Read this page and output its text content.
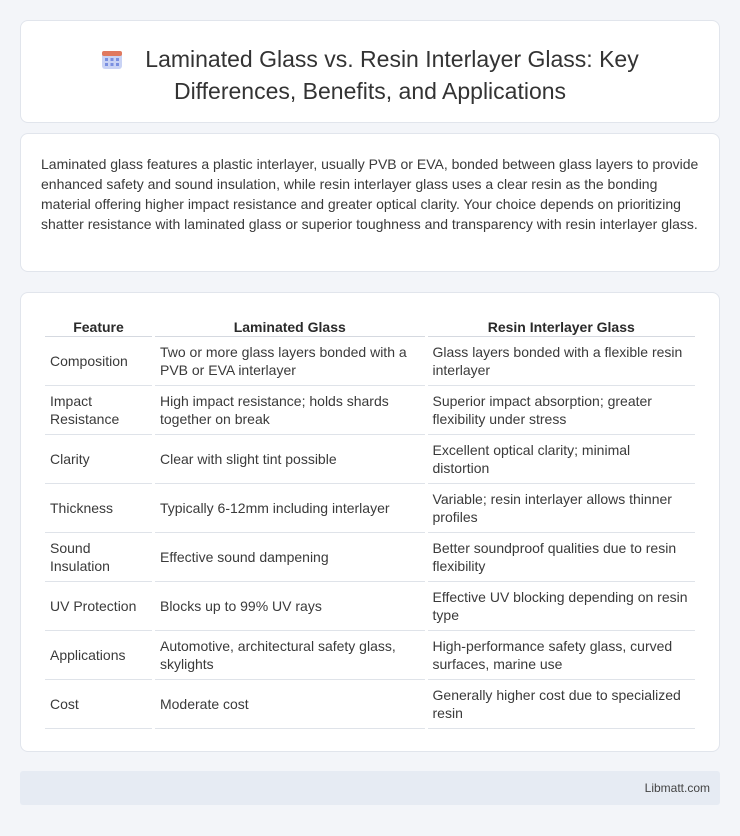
Laminated Glass vs. Resin Interlayer Glass: Key Differences, Benefits, and Applications

Laminated glass features a plastic interlayer, usually PVB or EVA, bonded between glass layers to provide enhanced safety and sound insulation, while resin interlayer glass uses a clear resin as the bonding material offering higher impact resistance and greater optical clarity. Your choice depends on prioritizing shatter resistance with laminated glass or superior toughness and transparency with resin interlayer glass.

Feature	Laminated Glass	Resin Interlayer Glass
Composition	Two or more glass layers bonded with a PVB or EVA interlayer	Glass layers bonded with a flexible resin interlayer
Impact Resistance	High impact resistance; holds shards together on break	Superior impact absorption; greater flexibility under stress
Clarity	Clear with slight tint possible	Excellent optical clarity; minimal distortion
Thickness	Typically 6-12mm including interlayer	Variable; resin interlayer allows thinner profiles
Sound Insulation	Effective sound dampening	Better soundproof qualities due to resin flexibility
UV Protection	Blocks up to 99% UV rays	Effective UV blocking depending on resin type
Applications	Automotive, architectural safety glass, skylights	High-performance safety glass, curved surfaces, marine use
Cost	Moderate cost	Generally higher cost due to specialized resin
Libmatt.com
